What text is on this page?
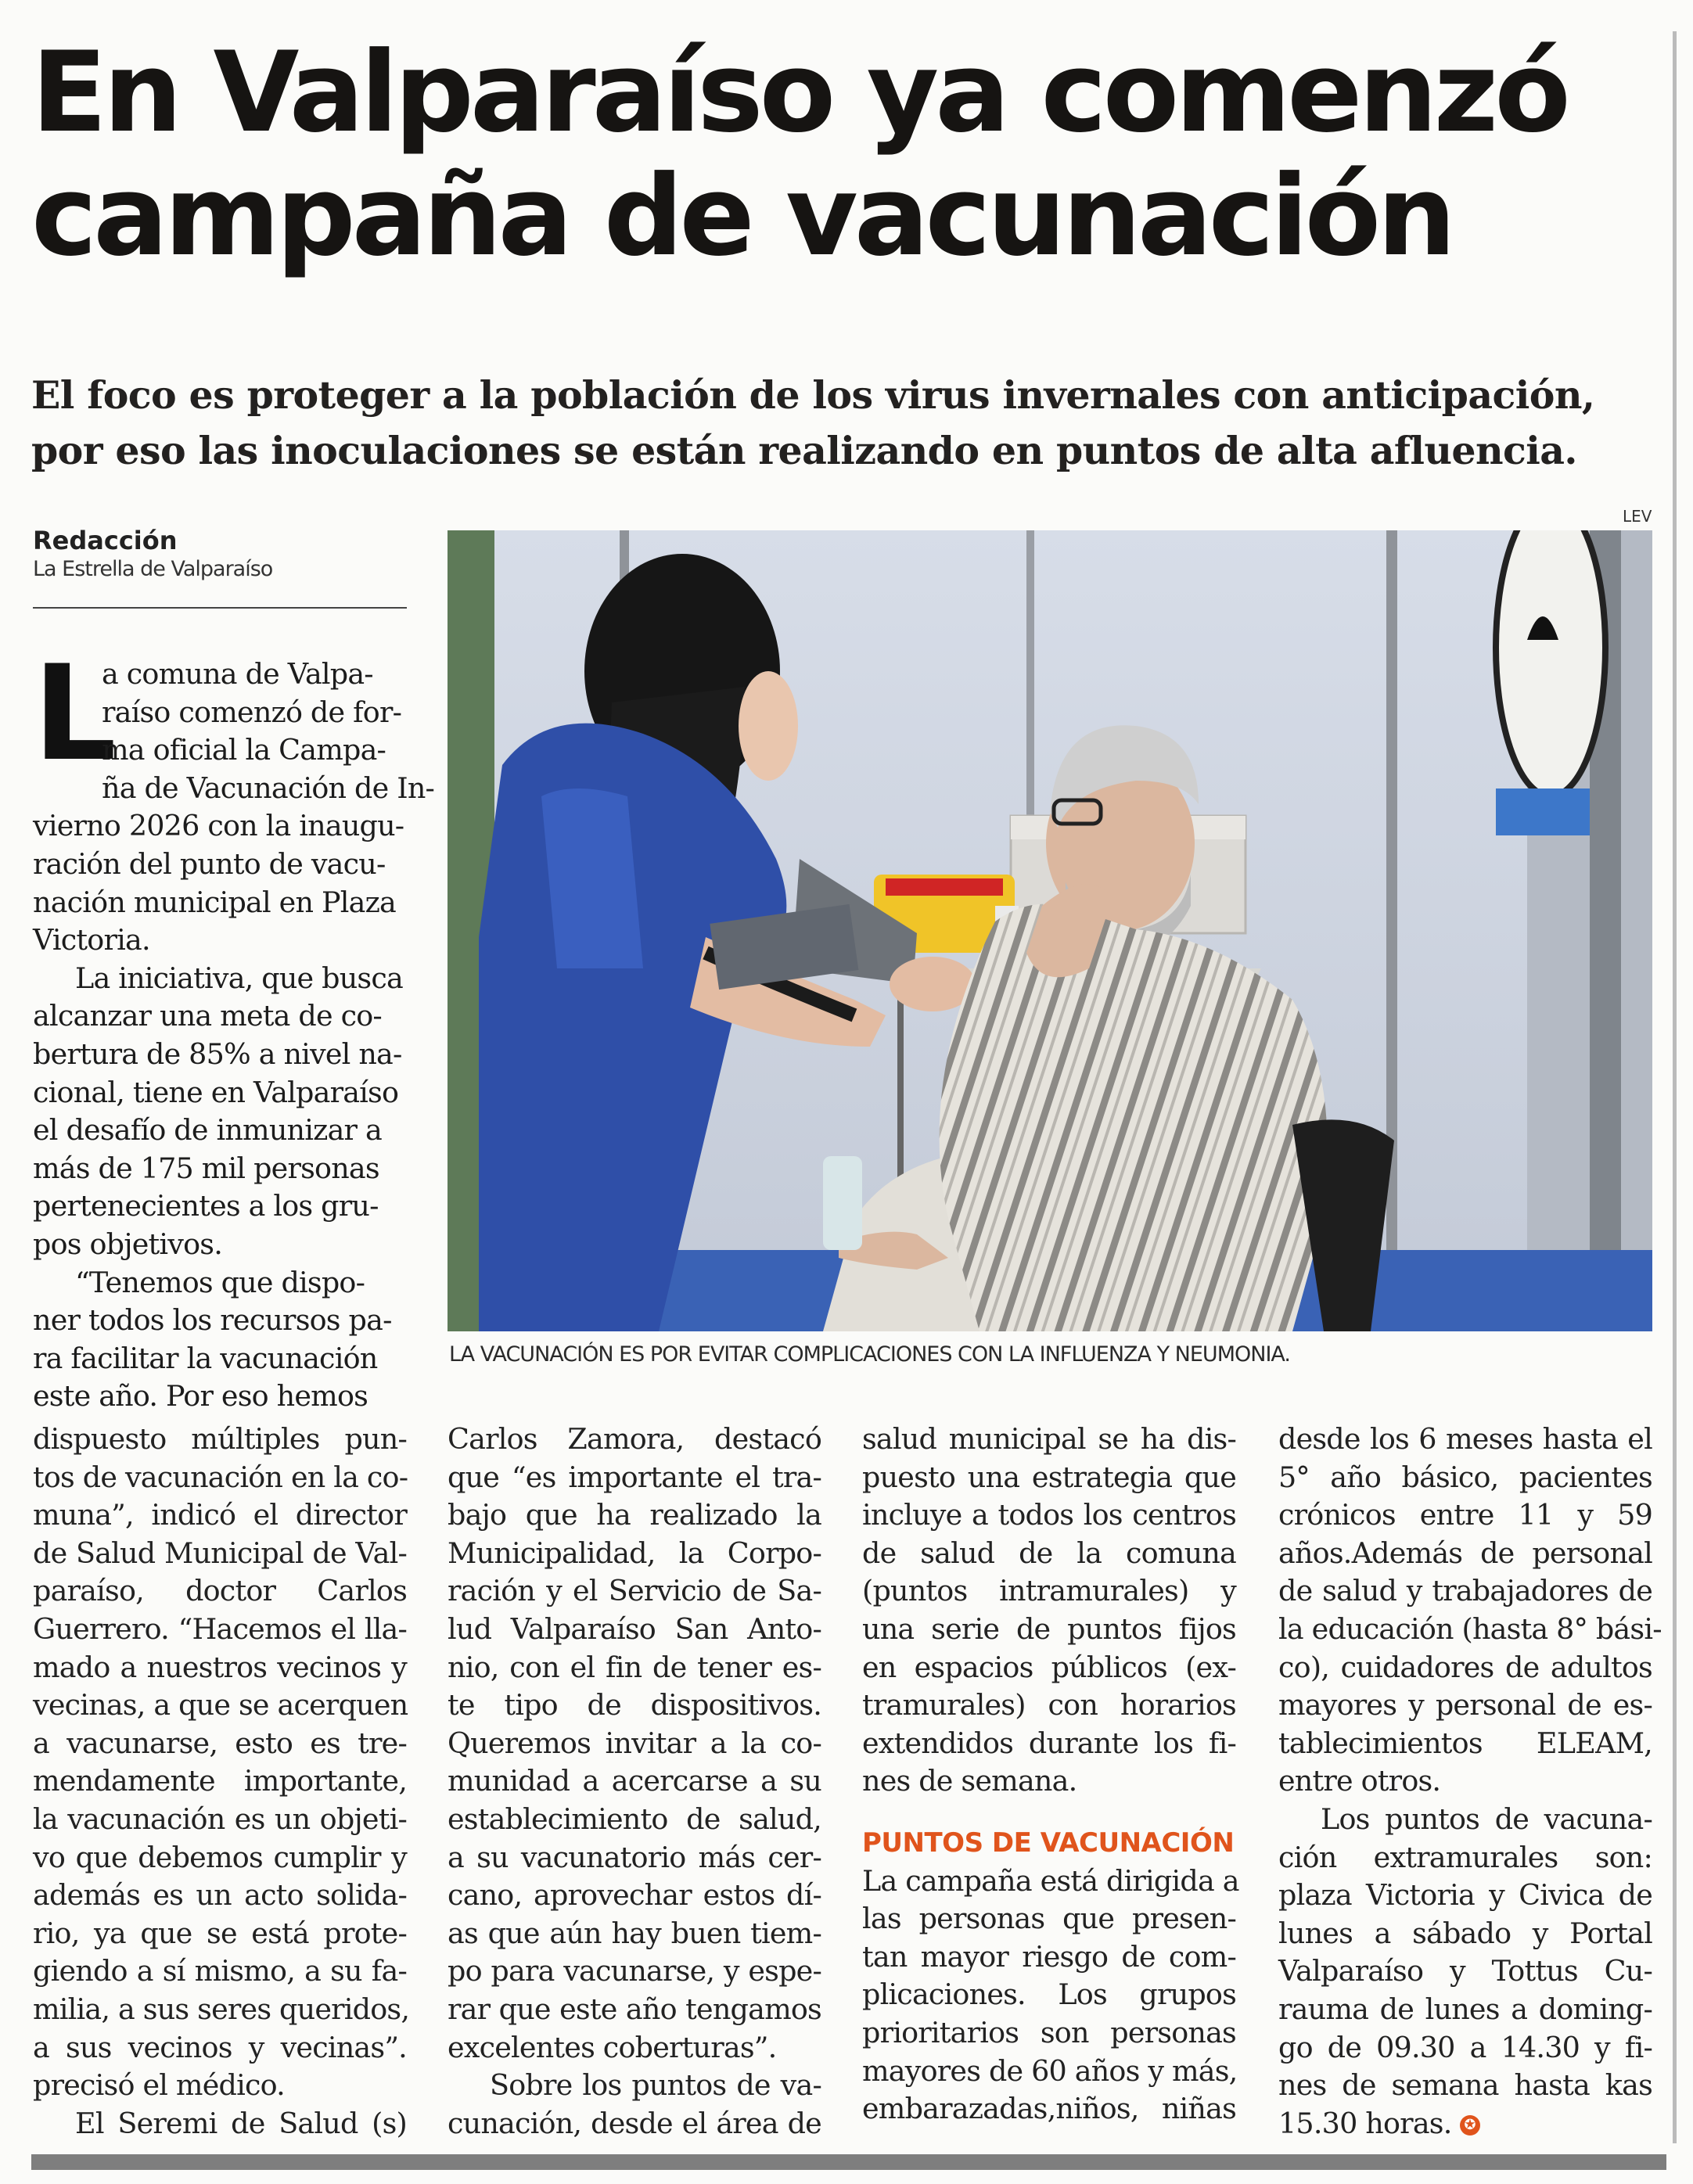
En Valparaíso ya comenzó
campaña de vacunación
El foco es proteger a la población de los virus invernales con anticipación,
por eso las inoculaciones se están realizando en puntos de alta afluencia.
Redacción
La Estrella de Valparaíso
LEV
LA VACUNACIÓN ES POR EVITAR COMPLICACIONES CON LA INFLUENZA Y NEUMONIA.
L
a comuna de Valpa-
raíso comenzó de for-
ma oficial la Campa-
ña de Vacunación de In-
vierno 2026 con la inaugu-
ración del punto de vacu-
nación municipal en Plaza
Victoria.
La iniciativa, que busca
alcanzar una meta de co-
bertura de 85% a nivel na-
cional, tiene en Valparaíso
el desafío de inmunizar a
más de 175 mil personas
pertenecientes a los gru-
pos objetivos.
“Tenemos que dispo-
ner todos los recursos pa-
ra facilitar la vacunación
este año. Por eso hemos
dispuesto múltiples pun-
tos de vacunación en la co-
muna”, indicó el director
de Salud Municipal de Val-
paraíso, doctor Carlos
Guerrero. “Hacemos el lla-
mado a nuestros vecinos y
vecinas, a que se acerquen
a vacunarse, esto es tre-
mendamente importante,
la vacunación es un objeti-
vo que debemos cumplir y
además es un acto solida-
rio, ya que se está prote-
giendo a sí mismo, a su fa-
milia, a sus seres queridos,
a sus vecinos y vecinas”.
precisó el médico.
El Seremi de Salud (s)
Carlos Zamora, destacó
que “es importante el tra-
bajo que ha realizado la
Municipalidad, la Corpo-
ración y el Servicio de Sa-
lud Valparaíso San Anto-
nio, con el fin de tener es-
te tipo de dispositivos.
Queremos invitar a la co-
munidad a acercarse a su
establecimiento de salud,
a su vacunatorio más cer-
cano, aprovechar estos dí-
as que aún hay buen tiem-
po para vacunarse, y espe-
rar que este año tengamos
excelentes coberturas”.
Sobre los puntos de va-
cunación, desde el área de
salud municipal se ha dis-
puesto una estrategia que
incluye a todos los centros
de salud de la comuna
(puntos intramurales) y
una serie de puntos fijos
en espacios públicos (ex-
tramurales) con horarios
extendidos durante los fi-
nes de semana.
PUNTOS DE VACUNACIÓN
La campaña está dirigida a
las personas que presen-
tan mayor riesgo de com-
plicaciones. Los grupos
prioritarios son personas
mayores de 60 años y más,
embarazadas,niños, niñas
desde los 6 meses hasta el
5° año básico, pacientes
crónicos entre 11 y 59
años.Además de personal
de salud y trabajadores de
la educación (hasta 8° bási-
co), cuidadores de adultos
mayores y personal de es-
tablecimientos ELEAM,
entre otros.
Los puntos de vacuna-
ción extramurales son:
plaza Victoria y Civica de
lunes a sábado y Portal
Valparaíso y Tottus Cu-
rauma de lunes a doming-
go de 09.30 a 14.30 y fi-
nes de semana hasta kas
15.30 horas. ✪
